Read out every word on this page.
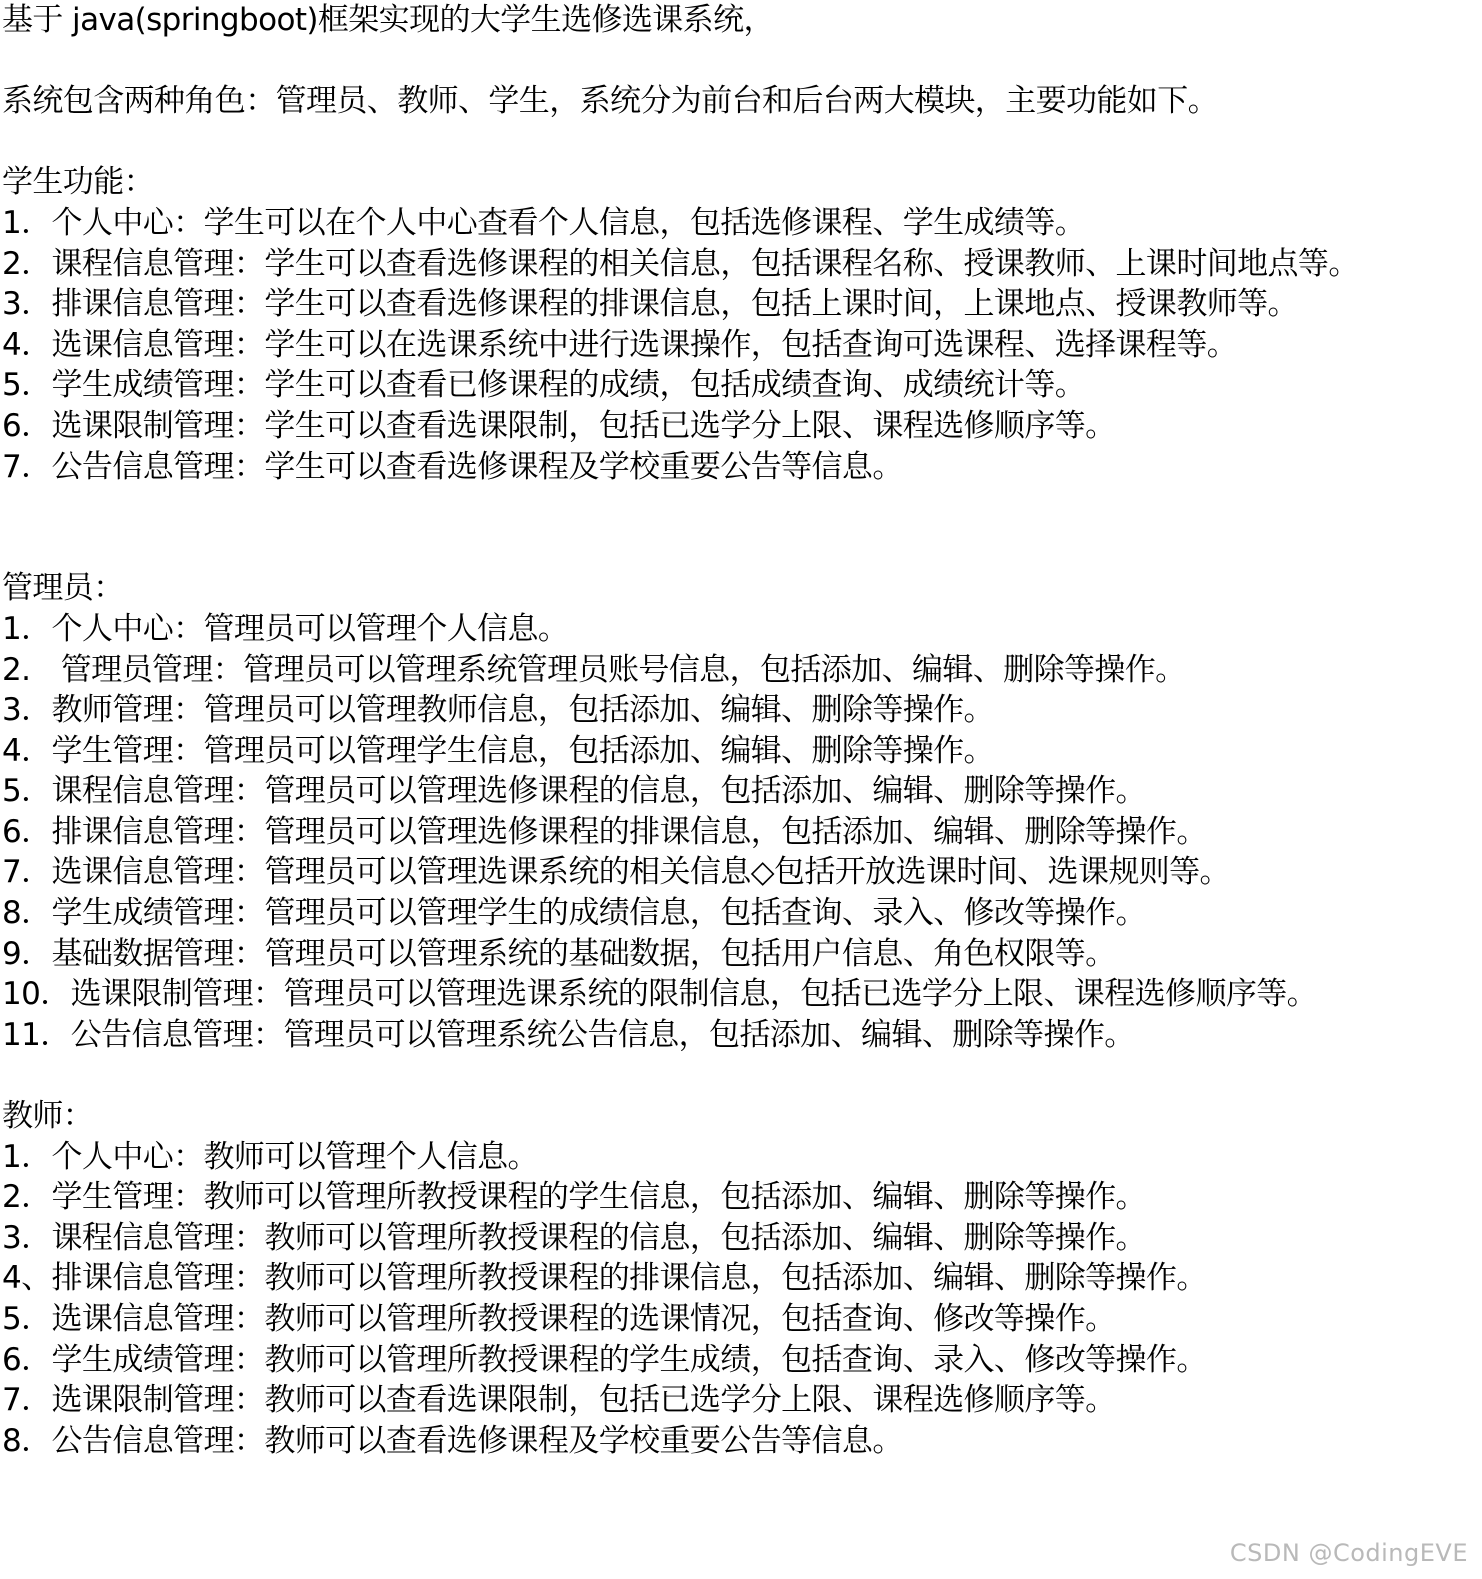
基于 java(springboot)框架实现的大学生选修选课系统，
系统包含两种角色：管理员、教师、学生，系统分为前台和后台两大模块，主要功能如下。
学生功能：
1．个人中心：学生可以在个人中心查看个人信息，包括选修课程、学生成绩等。
2．课程信息管理：学生可以查看选修课程的相关信息，包括课程名称、授课教师、上课时间地点等。
3．排课信息管理：学生可以查看选修课程的排课信息，包括上课时间，上课地点、授课教师等。
4．选课信息管理：学生可以在选课系统中进行选课操作，包括查询可选课程、选择课程等。
5．学生成绩管理：学生可以查看已修课程的成绩，包括成绩查询、成绩统计等。
6．选课限制管理：学生可以查看选课限制，包括已选学分上限、课程选修顺序等。
7．公告信息管理：学生可以查看选修课程及学校重要公告等信息。
管理员：
1．个人中心：管理员可以管理个人信息。
2.　管理员管理：管理员可以管理系统管理员账号信息，包括添加、编辑、删除等操作。
3．教师管理：管理员可以管理教师信息，包括添加、编辑、删除等操作。
4．学生管理：管理员可以管理学生信息，包括添加、编辑、删除等操作。
5．课程信息管理：管理员可以管理选修课程的信息，包括添加、编辑、删除等操作。
6．排课信息管理：管理员可以管理选修课程的排课信息，包括添加、编辑、删除等操作。
7．选课信息管理：管理员可以管理选课系统的相关信息◇包括开放选课时间、选课规则等。
8．学生成绩管理：管理员可以管理学生的成绩信息，包括查询、录入、修改等操作。
9．基础数据管理：管理员可以管理系统的基础数据，包括用户信息、角色权限等。
10．选课限制管理：管理员可以管理选课系统的限制信息，包括已选学分上限、课程选修顺序等。
11．公告信息管理：管理员可以管理系统公告信息，包括添加、编辑、删除等操作。
教师：
1．个人中心：教师可以管理个人信息。
2．学生管理：教师可以管理所教授课程的学生信息，包括添加、编辑、删除等操作。
3．课程信息管理：教师可以管理所教授课程的信息，包括添加、编辑、删除等操作。
4、排课信息管理：教师可以管理所教授课程的排课信息，包括添加、编辑、删除等操作。
5．选课信息管理：教师可以管理所教授课程的选课情况，包括查询、修改等操作。
6．学生成绩管理：教师可以管理所教授课程的学生成绩，包括查询、录入、修改等操作。
7．选课限制管理：教师可以查看选课限制，包括已选学分上限、课程选修顺序等。
8．公告信息管理：教师可以查看选修课程及学校重要公告等信息。
CSDN @CodingEVE
